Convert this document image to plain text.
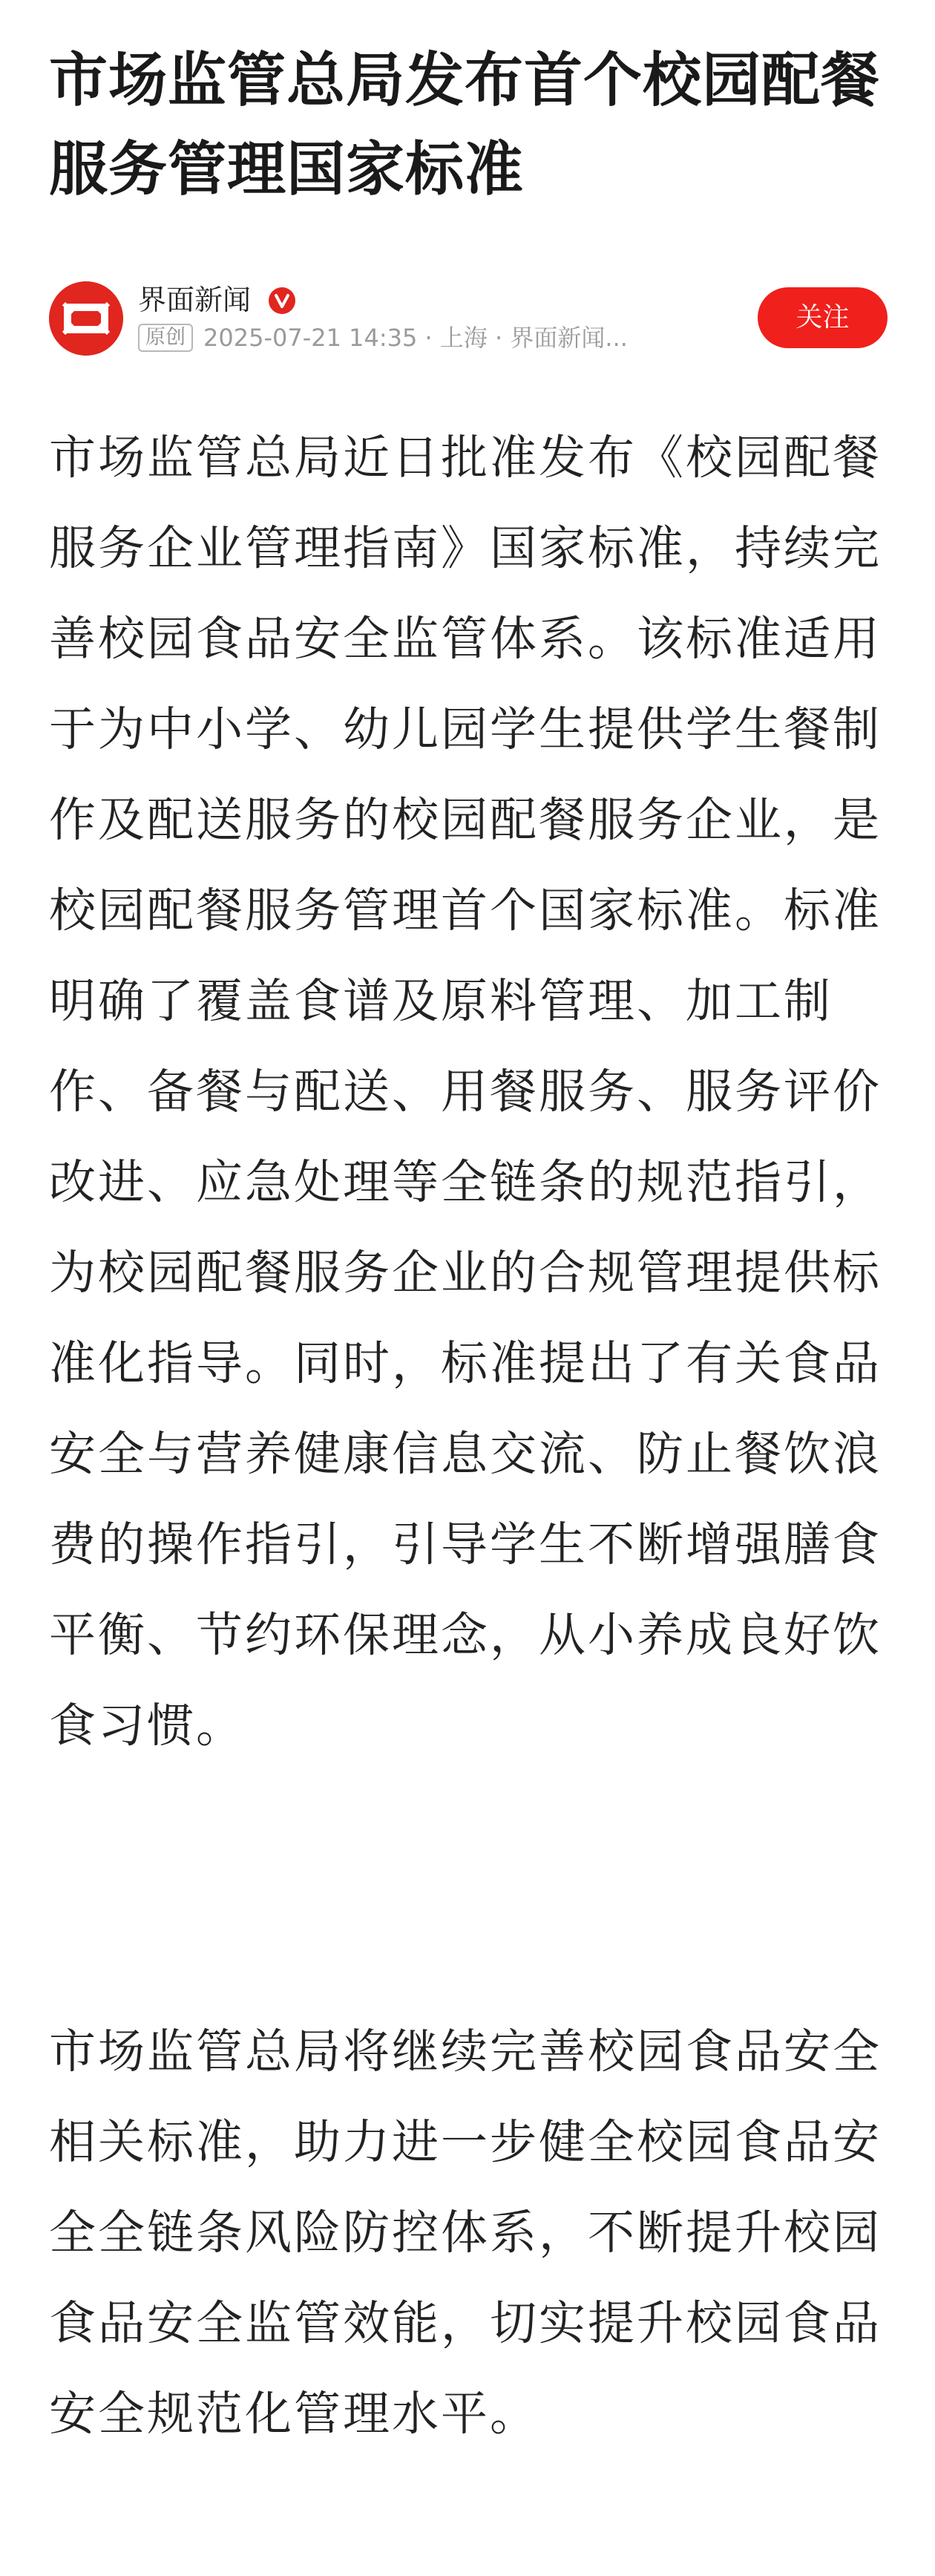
市场监管总局发布首个校园配餐服务管理国家标准
界面新闻
原创 2025-07-21 14:35 · 上海 · 界面新闻...
关注

市场监管总局近日批准发布《校园配餐服务企业管理指南》国家标准，持续完善校园食品安全监管体系。该标准适用于为中小学、幼儿园学生提供学生餐制作及配送服务的校园配餐服务企业，是校园配餐服务管理首个国家标准。标准明确了覆盖食谱及原料管理、加工制作、备餐与配送、用餐服务、服务评价改进、应急处理等全链条的规范指引，为校园配餐服务企业的合规管理提供标准化指导。同时，标准提出了有关食品安全与营养健康信息交流、防止餐饮浪费的操作指引，引导学生不断增强膳食平衡、节约环保理念，从小养成良好饮食习惯。

市场监管总局将继续完善校园食品安全相关标准，助力进一步健全校园食品安全全链条风险防控体系，不断提升校园食品安全监管效能，切实提升校园食品安全规范化管理水平。
